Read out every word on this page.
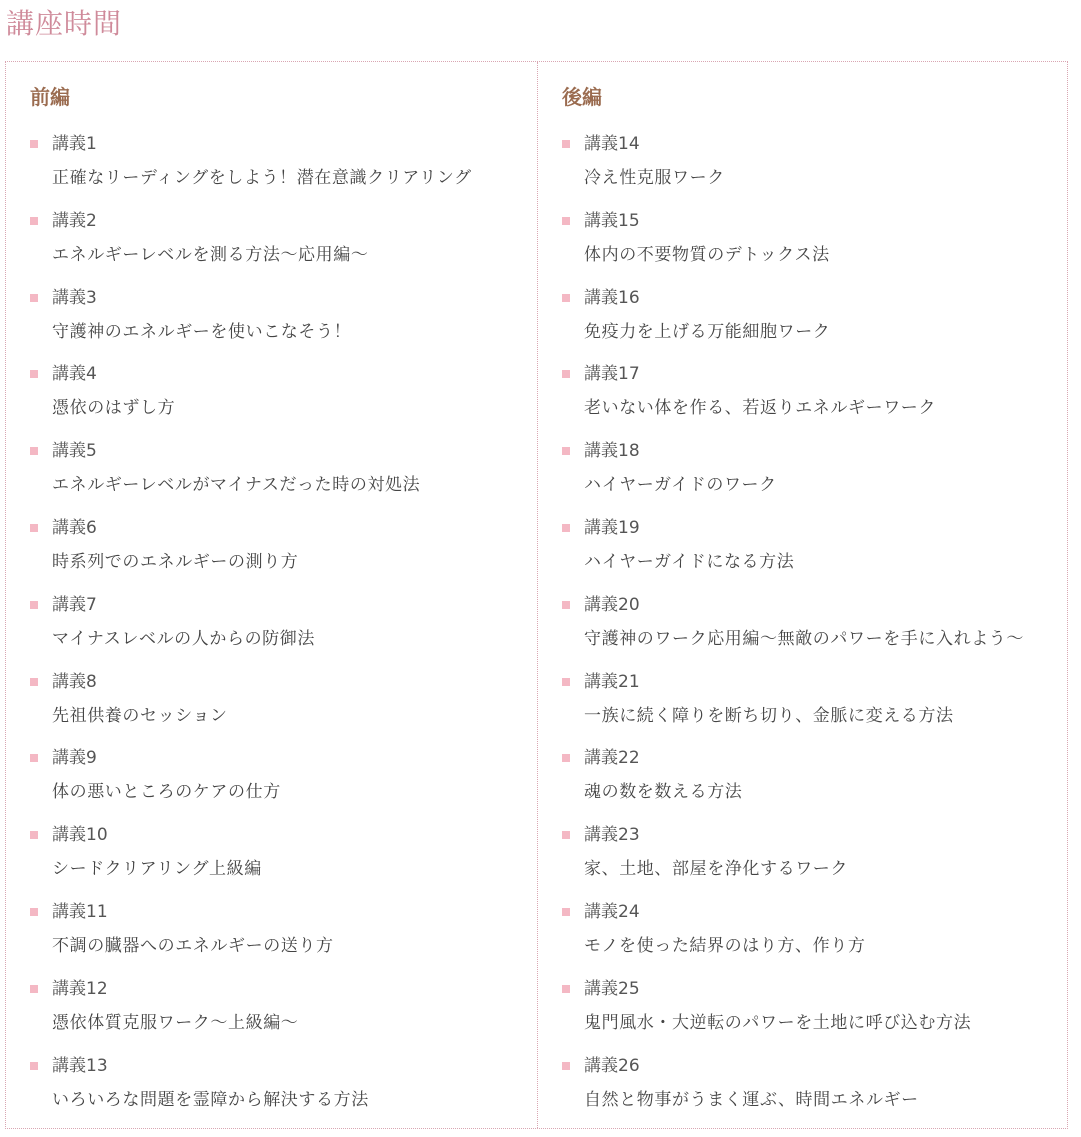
講座時間
前編
講義1
正確なリーディングをしよう！潜在意識クリアリング
講義2
エネルギーレベルを測る方法～応用編～
講義3
守護神のエネルギーを使いこなそう！
講義4
憑依のはずし方
講義5
エネルギーレベルがマイナスだった時の対処法
講義6
時系列でのエネルギーの測り方
講義7
マイナスレベルの人からの防御法
講義8
先祖供養のセッション
講義9
体の悪いところのケアの仕方
講義10
シードクリアリング上級編
講義11
不調の臓器へのエネルギーの送り方
講義12
憑依体質克服ワーク～上級編～
講義13
いろいろな問題を霊障から解決する方法
後編
講義14
冷え性克服ワーク
講義15
体内の不要物質のデトックス法
講義16
免疫力を上げる万能細胞ワーク
講義17
老いない体を作る、若返りエネルギーワーク
講義18
ハイヤーガイドのワーク
講義19
ハイヤーガイドになる方法
講義20
守護神のワーク応用編～無敵のパワーを手に入れよう～
講義21
一族に続く障りを断ち切り、金脈に変える方法
講義22
魂の数を数える方法
講義23
家、土地、部屋を浄化するワーク
講義24
モノを使った結界のはり方、作り方
講義25
鬼門風水・大逆転のパワーを土地に呼び込む方法
講義26
自然と物事がうまく運ぶ、時間エネルギー
